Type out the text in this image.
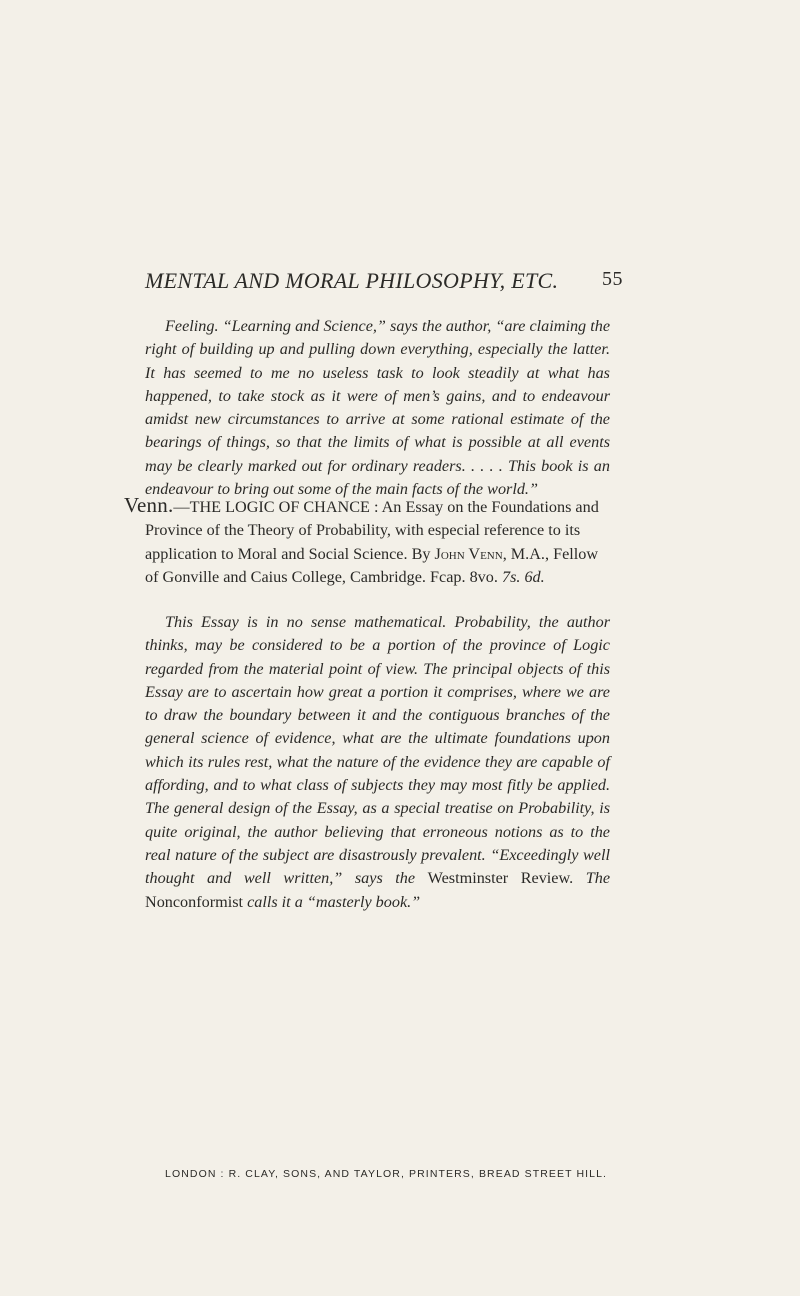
MENTAL AND MORAL PHILOSOPHY, ETC.	55

Feeling. “Learning and Science,” says the author, “are claiming the right of building up and pulling down everything, especially the latter. It has seemed to me no useless task to look steadily at what has happened, to take stock as it were of men’s gains, and to endeavour amidst new circumstances to arrive at some rational estimate of the bearings of things, so that the limits of what is possible at all events may be clearly marked out for ordinary readers. . . . . This book is an endeavour to bring out some of the main facts of the world.”

Venn.—THE LOGIC OF CHANCE : An Essay on the Foundations and Province of the Theory of Probability, with especial reference to its application to Moral and Social Science. By John Venn, M.A., Fellow of Gonville and Caius College, Cambridge. Fcap. 8vo. 7s. 6d.

This Essay is in no sense mathematical. Probability, the author thinks, may be considered to be a portion of the province of Logic regarded from the material point of view. The principal objects of this Essay are to ascertain how great a portion it comprises, where we are to draw the boundary between it and the contiguous branches of the general science of evidence, what are the ultimate foundations upon which its rules rest, what the nature of the evidence they are capable of affording, and to what class of subjects they may most fitly be applied. The general design of the Essay, as a special treatise on Probability, is quite original, the author believing that erroneous notions as to the real nature of the subject are disastrously prevalent. “Exceedingly well thought and well written,” says the Westminster Review. The Nonconformist calls it a “masterly book.”

LONDON : R. CLAY, SONS, AND TAYLOR, PRINTERS, BREAD STREET HILL.
